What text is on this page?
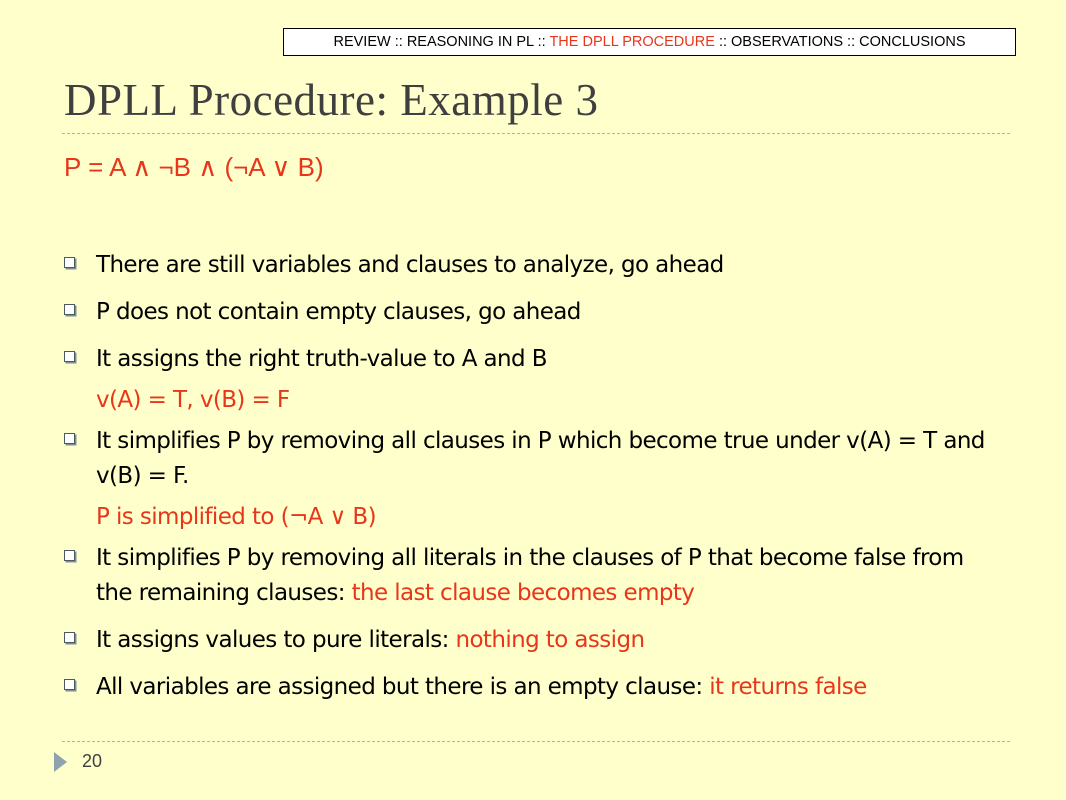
REVIEW :: REASONING IN PL :: THE DPLL PROCEDURE :: OBSERVATIONS :: CONCLUSIONS
DPLL Procedure: Example 3
P = A ∧ ¬B ∧ (¬A ∨ B)
There are still variables and clauses to analyze, go ahead
P does not contain empty clauses, go ahead
It assigns the right truth-value to A and B
v(A) = T, v(B) = F
It simplifies P by removing all clauses in P which become true under v(A) = T and v(B) = F.
P is simplified to (¬A ∨ B)
It simplifies P by removing all literals in the clauses of P that become false from the remaining clauses: the last clause becomes empty
It assigns values to pure literals: nothing to assign
All variables are assigned but there is an empty clause: it returns false
20
